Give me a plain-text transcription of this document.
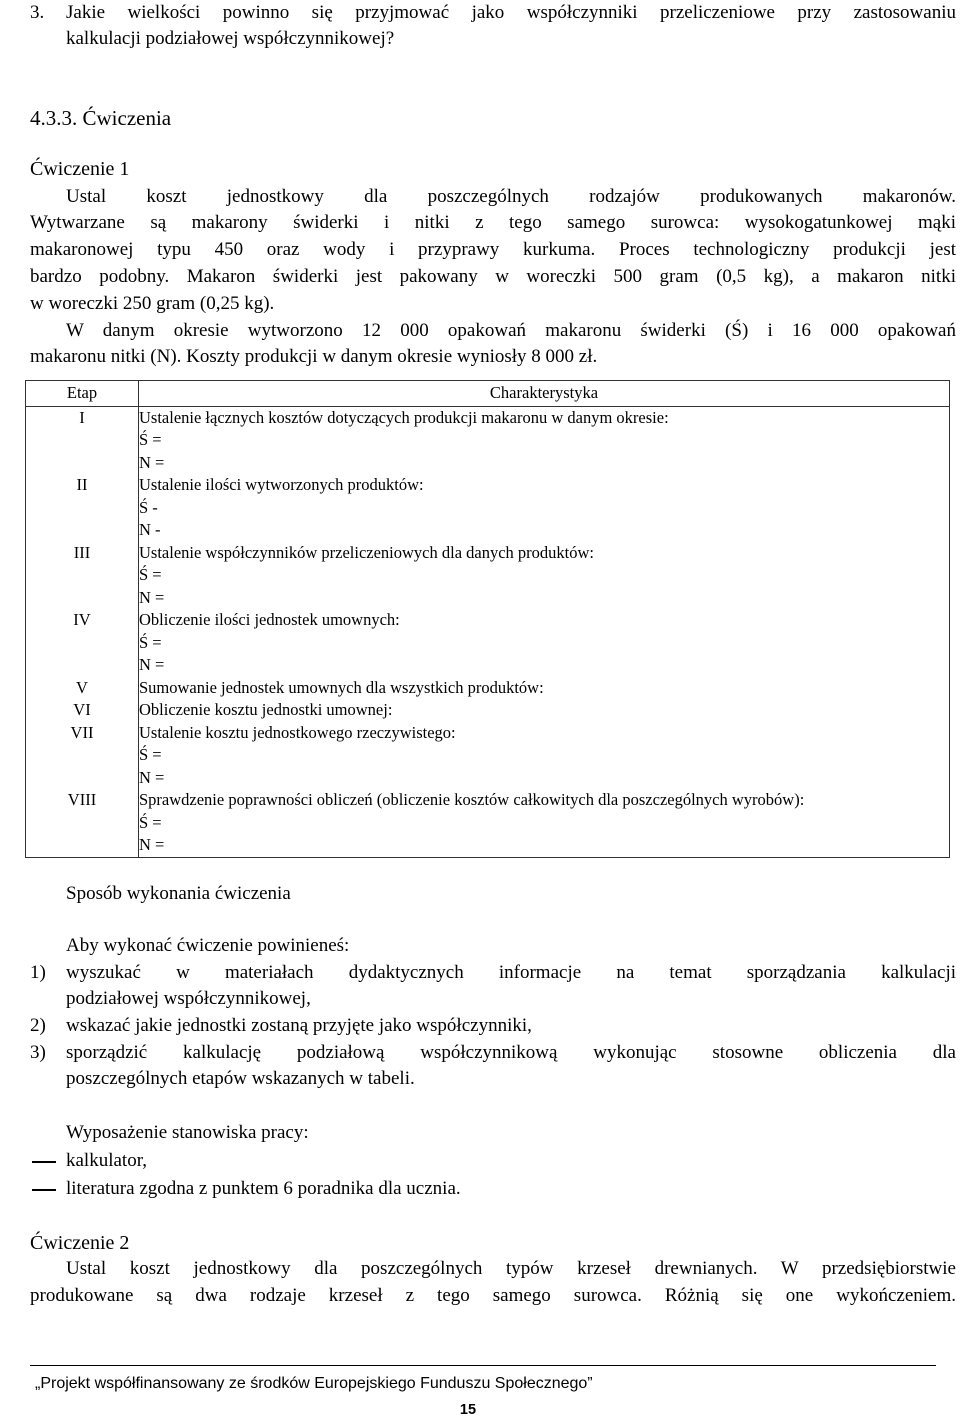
3. Jakie wielkości powinno się przyjmować jako współczynniki przeliczeniowe przy zastosowaniu
kalkulacji podziałowej współczynnikowej?
4.3.3. Ćwiczenia
Ćwiczenie 1
Ustal koszt jednostkowy dla poszczególnych rodzajów produkowanych makaronów.
Wytwarzane są makarony świderki i nitki z tego samego surowca: wysokogatunkowej mąki
makaronowej typu 450 oraz wody i przyprawy kurkuma. Proces technologiczny produkcji jest
bardzo podobny. Makaron świderki jest pakowany w woreczki 500 gram (0,5 kg), a makaron nitki
w woreczki 250 gram (0,25 kg).
W danym okresie wytworzono 12 000 opakowań makaronu świderki (Ś) i 16 000 opakowań
makaronu nitki (N). Koszty produkcji w danym okresie wyniosły 8 000 zł.
Etap	Charakterystyka
I	Ustalenie łącznych kosztów dotyczących produkcji makaronu w danym okresie:
Ś =
N =

II	Ustalenie ilości wytworzonych produktów:
Ś -
N -

III	Ustalenie współczynników przeliczeniowych dla danych produktów:
Ś =
N =

IV	Obliczenie ilości jednostek umownych:
Ś =
N =

V	Sumowanie jednostek umownych dla wszystkich produktów:

VI	Obliczenie kosztu jednostki umownej:

VII	Ustalenie kosztu jednostkowego rzeczywistego:
Ś =
N =

VIII	Sprawdzenie poprawności obliczeń (obliczenie kosztów całkowitych dla poszczególnych wyrobów):
Ś =
N =
Sposób wykonania ćwiczenia
Aby wykonać ćwiczenie powinieneś:
1) wyszukać w materiałach dydaktycznych informacje na temat sporządzania kalkulacji
podziałowej współczynnikowej,
2) wskazać jakie jednostki zostaną przyjęte jako współczynniki,
3) sporządzić kalkulację podziałową współczynnikową wykonując stosowne obliczenia dla
poszczególnych etapów wskazanych w tabeli.
Wyposażenie stanowiska pracy:
kalkulator,
literatura zgodna z punktem 6 poradnika dla ucznia.
Ćwiczenie 2
Ustal koszt jednostkowy dla poszczególnych typów krzeseł drewnianych. W przedsiębiorstwie
produkowane są dwa rodzaje krzeseł z tego samego surowca. Różnią się one wykończeniem.
„Projekt współfinansowany ze środków Europejskiego Funduszu Społecznego”
15
